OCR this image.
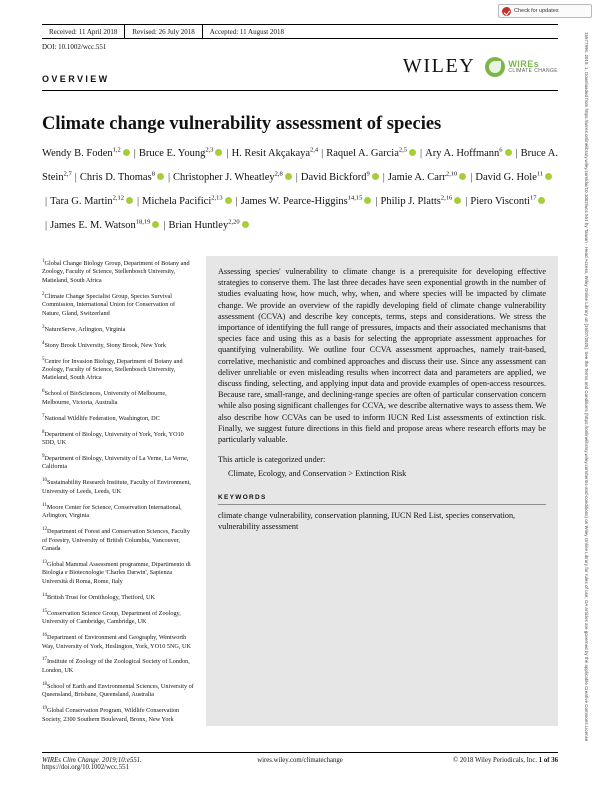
Check for updates
15577996, 2019, 1, Downloaded from https://wires.onlinelibrary.wiley.com/doi/10.1002/wcc.551 by Taiwan - Head Access, Wiley Online Library on [16/07/2025]. See the Terms and Conditions (https://onlinelibrary.wiley.com/terms-and-conditions) on Wiley Online Library for rules of use; OA articles are governed by the applicable Creative Commons License
Received: 11 April 2018	Revised: 26 July 2018	Accepted: 11 August 2018
DOI: 10.1002/wcc.551
WILEY	WIREs
CLIMATE CHANGE
OVERVIEW
Climate change vulnerability assessment of species
Wendy B. Foden$^{1,2}$ iD | Bruce E. Young$^{2,3}$ iD | H. Resit Akçakaya$^{2,4}$ | Raquel A. Garcia$^{2,5}$ iD | Ary A. Hoffmann$^6$ iD | Bruce A. Stein$^{2,7}$ | Chris D. Thomas$^8$ iD | Christopher J. Wheatley$^{2,8}$ iD | David Bickford$^9$ iD | Jamie A. Carr$^{2,10}$ iD | David G. Hole$^{11}$iD| Tara G. Martin$^{2,12}$ iD | Michela Pacifici$^{2,13}$ iD | James W. Pearce-Higgins$^{14,15}$ iD | Philip J. Platts$^{2,16}$ iD | Piero Visconti$^{17}$iD| James E. M. Watson$^{18,19}$ iD | Brian Huntley$^{2,20}$iD

$^1$Global Change Biology Group, Department of Botany and Zoology, Faculty of Science, Stellenbosch University, Matieland, South Africa

$^2$Climate Change Specialist Group, Species Survival Commission, International Union for Conservation of Nature, Gland, Switzerland

$^3$NatureServe, Arlington, Virginia

$^4$Stony Brook University, Stony Brook, New York

$^5$Centre for Invasion Biology, Department of Botany and Zoology, Faculty of Science, Stellenbosch University, Matieland, South Africa

$^6$School of BioSciences, University of Melbourne, Melbourne, Victoria, Australia

$^7$National Wildlife Federation, Washington, DC

$^8$Department of Biology, University of York, York, YO10 5DD, UK

$^9$Department of Biology, University of La Verne, La Verne, California

$^{10}$Sustainability Research Institute, Faculty of Environment, University of Leeds, Leeds, UK

$^{11}$Moore Center for Science, Conservation International, Arlington, Virginia

$^{12}$Department of Forest and Conservation Sciences, Faculty of Forestry, University of British Columbia, Vancouver, Canada

$^{13}$Global Mammal Assessment programme, Dipartimento di Biologia e Biotecnologie 'Charles Darwin', Sapienza Università di Roma, Rome, Italy

$^{14}$British Trust for Ornithology, Thetford, UK

$^{15}$Conservation Science Group, Department of Zoology, University of Cambridge, Cambridge, UK

$^{16}$Department of Environment and Geography, Wentworth Way, University of York, Heslington, York, YO10 5NG, UK

$^{17}$Institute of Zoology of the Zoological Society of London, London, UK

$^{18}$School of Earth and Environmental Sciences, University of Queensland, Brisbane, Queensland, Australia

$^{19}$Global Conservation Program, Wildlife Conservation Society, 2300 Southern Boulevard, Bronx, New York

Assessing species' vulnerability to climate change is a prerequisite for developing effective strategies to conserve them. The last three decades have seen exponential growth in the number of studies evaluating how, how much, why, when, and where species will be impacted by climate change. We provide an overview of the rapidly developing field of climate change vulnerability assessment (CCVA) and describe key concepts, terms, steps and considerations. We stress the importance of identifying the full range of pressures, impacts and their associated mechanisms that species face and using this as a basis for selecting the appropriate assessment approaches for quantifying vulnerability. We outline four CCVA assessment approaches, namely trait-based, correlative, mechanistic and combined approaches and discuss their use. Since any assessment can deliver unreliable or even misleading results when incorrect data and parameters are applied, we discuss finding, selecting, and applying input data and provide examples of open-access resources. Because rare, small-range, and declining-range species are often of particular conservation concern while also posing significant challenges for CCVA, we describe alternative ways to assess them. We also describe how CCVAs can be used to inform IUCN Red List assessments of extinction risk. Finally, we suggest future directions in this field and propose areas where research efforts may be particularly valuable.
This article is categorized under:
Climate, Ecology, and Conservation > Extinction Risk
KEYWORDS
climate change vulnerability, conservation planning, IUCN Red List, species conservation, vulnerability assessment
WIREs Clim Change. 2019;10:e551.
https://doi.org/10.1002/wcc.551
wires.wiley.com/climatechange	© 2018 Wiley Periodicals, Inc. 1 of 36
